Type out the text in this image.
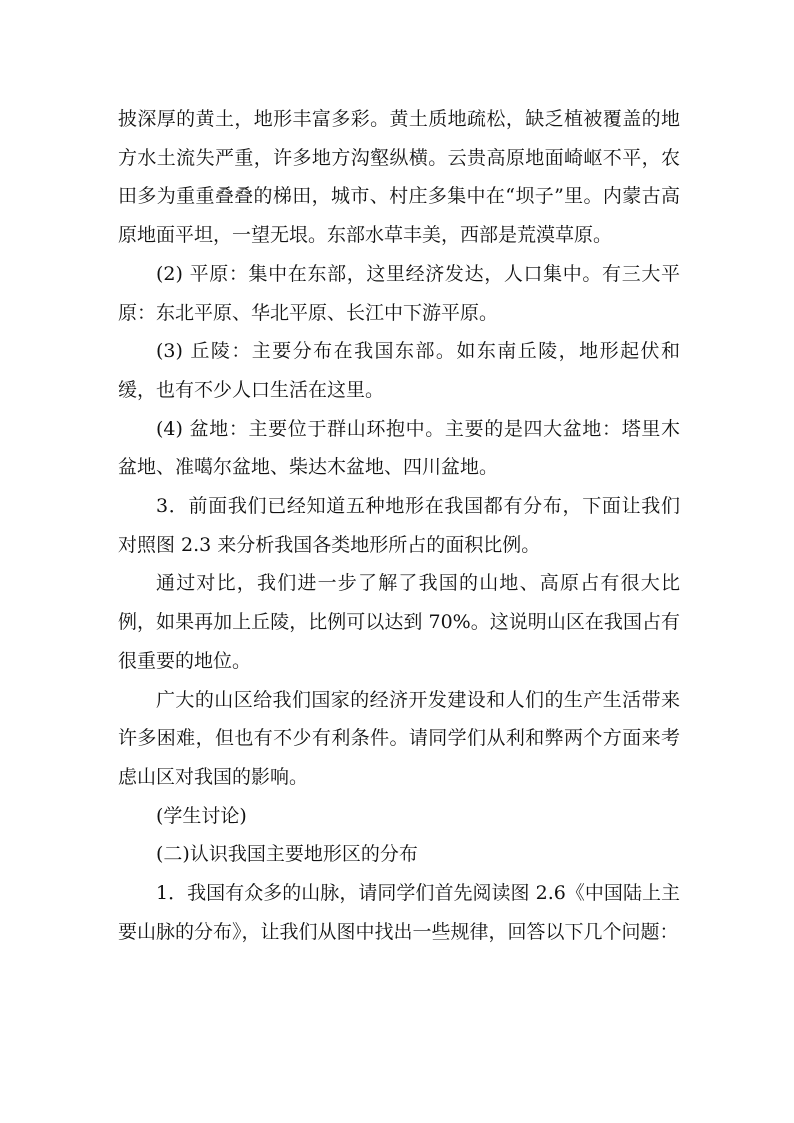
披深厚的黄土，地形丰富多彩。黄土质地疏松，缺乏植被覆盖的地方水土流失严重，许多地方沟壑纵横。云贵高原地面崎岖不平，农田多为重重叠叠的梯田，城市、村庄多集中在“坝子”里。内蒙古高原地面平坦，一望无垠。东部水草丰美，西部是荒漠草原。

(2) 平原：集中在东部，这里经济发达，人口集中。有三大平原：东北平原、华北平原、长江中下游平原。

(3) 丘陵：主要分布在我国东部。如东南丘陵，地形起伏和缓，也有不少人口生活在这里。

(4) 盆地：主要位于群山环抱中。主要的是四大盆地：塔里木盆地、准噶尔盆地、柴达木盆地、四川盆地。

3．前面我们已经知道五种地形在我国都有分布，下面让我们对照图 2.3 来分析我国各类地形所占的面积比例。

通过对比，我们进一步了解了我国的山地、高原占有很大比例，如果再加上丘陵，比例可以达到 70%。这说明山区在我国占有很重要的地位。

广大的山区给我们国家的经济开发建设和人们的生产生活带来许多困难，但也有不少有利条件。请同学们从利和弊两个方面来考虑山区对我国的影响。

(学生讨论)

(二)认识我国主要地形区的分布

1．我国有众多的山脉，请同学们首先阅读图 2.6《中国陆上主要山脉的分布》，让我们从图中找出一些规律，回答以下几个问题：
